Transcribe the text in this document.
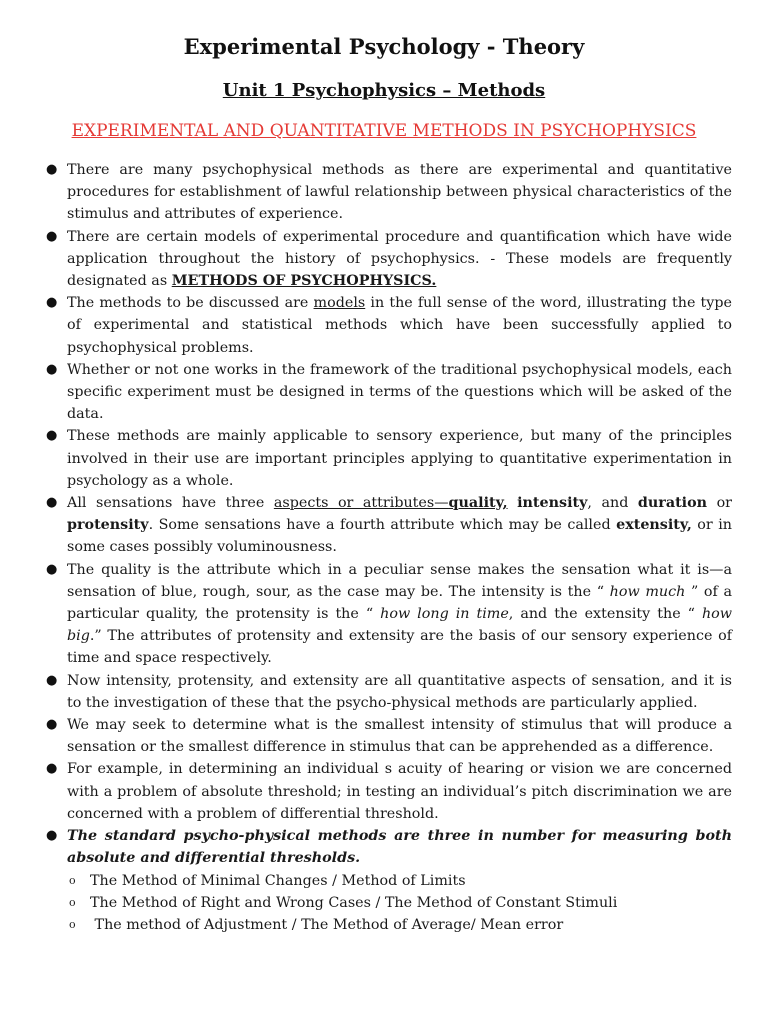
Experimental Psychology - Theory
Unit 1 Psychophysics – Methods
EXPERIMENTAL AND QUANTITATIVE METHODS IN PSYCHOPHYSICS
● There are many psychophysical methods as there are experimental and quantitative procedures for establishment of lawful relationship between physical characteristics of the stimulus and attributes of experience.
● There are certain models of experimental procedure and quantification which have wide application throughout the history of psychophysics. - These models are frequently designated as METHODS OF PSYCHOPHYSICS.
● The methods to be discussed are models in the full sense of the word, illustrating the type of experimental and statistical methods which have been successfully applied to psychophysical problems.
● Whether or not one works in the framework of the traditional psychophysical models, each specific experiment must be designed in terms of the questions which will be asked of the data.
● These methods are mainly applicable to sensory experience, but many of the principles involved in their use are important principles applying to quantitative experimentation in psychology as a whole.
● All sensations have three aspects or attributes—quality, intensity, and duration or protensity. Some sensations have a fourth attribute which may be called extensity, or in some cases possibly voluminousness.
● The quality is the attribute which in a peculiar sense makes the sensation what it is—a sensation of blue, rough, sour, as the case may be. The intensity is the “ how much ” of a particular quality, the protensity is the “ how long in time, and the extensity the “ how big.” The attributes of protensity and extensity are the basis of our sensory experience of time and space respectively.
● Now intensity, protensity, and extensity are all quantitative aspects of sensation, and it is to the investigation of these that the psycho-physical methods are particularly applied.
● We may seek to determine what is the smallest intensity of stimulus that will produce a sensation or the smallest difference in stimulus that can be apprehended as a difference.
● For example, in determining an individual s acuity of hearing or vision we are concerned with a problem of absolute threshold; in testing an individual’s pitch discrimination we are concerned with a problem of differential threshold.
● The standard psycho-physical methods are three in number for measuring both absolute and differential thresholds.
o The Method of Minimal Changes / Method of Limits
o The Method of Right and Wrong Cases / The Method of Constant Stimuli
o The method of Adjustment / The Method of Average/ Mean error
